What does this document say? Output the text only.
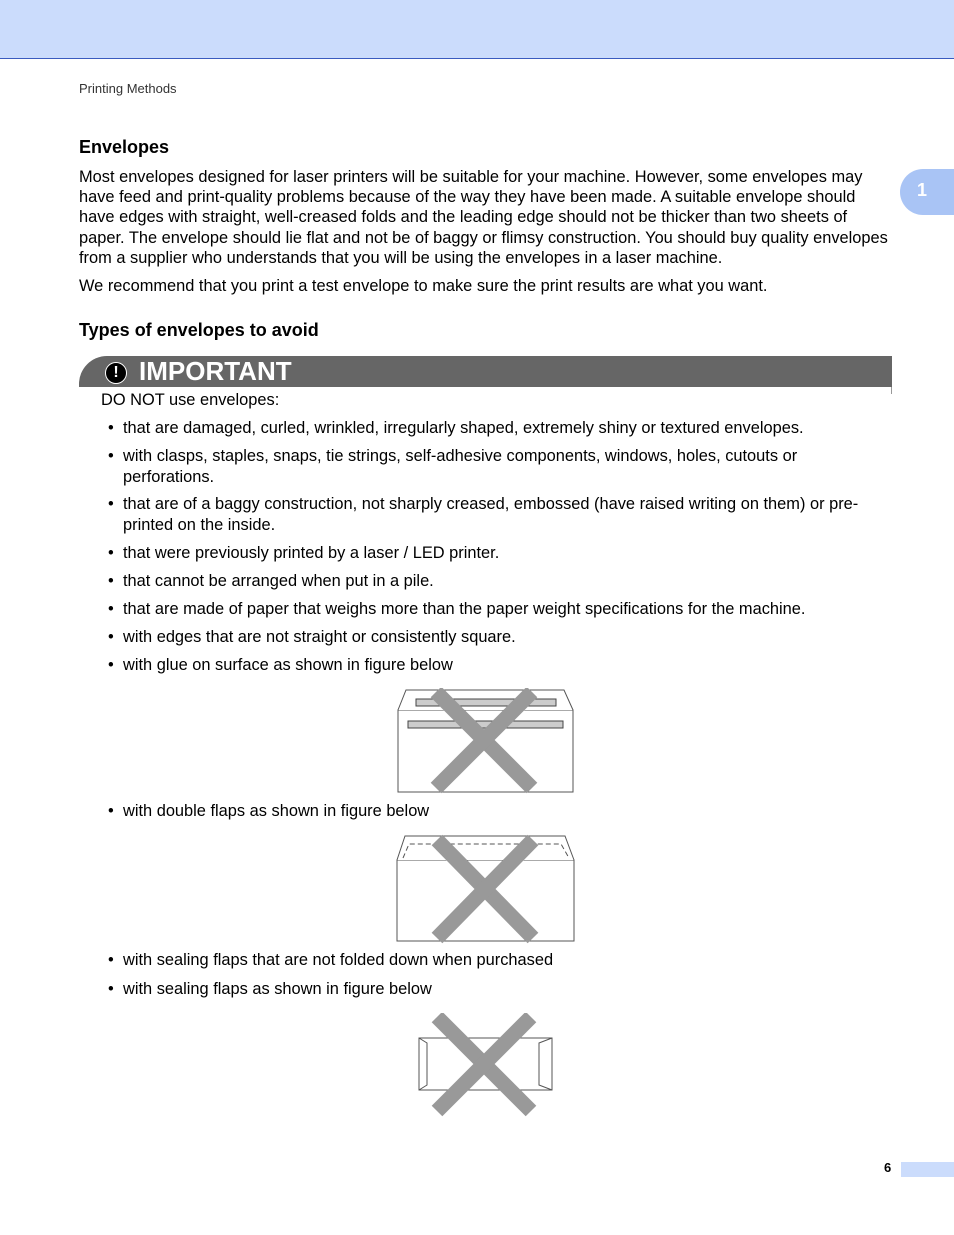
Printing Methods
1
Envelopes

Most envelopes designed for laser printers will be suitable for your machine. However, some envelopes may have feed and print-quality problems because of the way they have been made. A suitable envelope should have edges with straight, well-creased folds and the leading edge should not be thicker than two sheets of paper. The envelope should lie flat and not be of baggy or flimsy construction. You should buy quality envelopes from a supplier who understands that you will be using the envelopes in a laser machine.

We recommend that you print a test envelope to make sure the print results are what you want.

Types of envelopes to avoid
! IMPORTANT
DO NOT use envelopes:
• that are damaged, curled, wrinkled, irregularly shaped, extremely shiny or textured envelopes.
• with clasps, staples, snaps, tie strings, self-adhesive components, windows, holes, cutouts or perforations.
• that are of a baggy construction, not sharply creased, embossed (have raised writing on them) or pre-printed on the inside.
• that were previously printed by a laser / LED printer.
• that cannot be arranged when put in a pile.
• that are made of paper that weighs more than the paper weight specifications for the machine.
• with edges that are not straight or consistently square.
• with glue on surface as shown in figure below
• with double flaps as shown in figure below
• with sealing flaps that are not folded down when purchased
• with sealing flaps as shown in figure below
6
